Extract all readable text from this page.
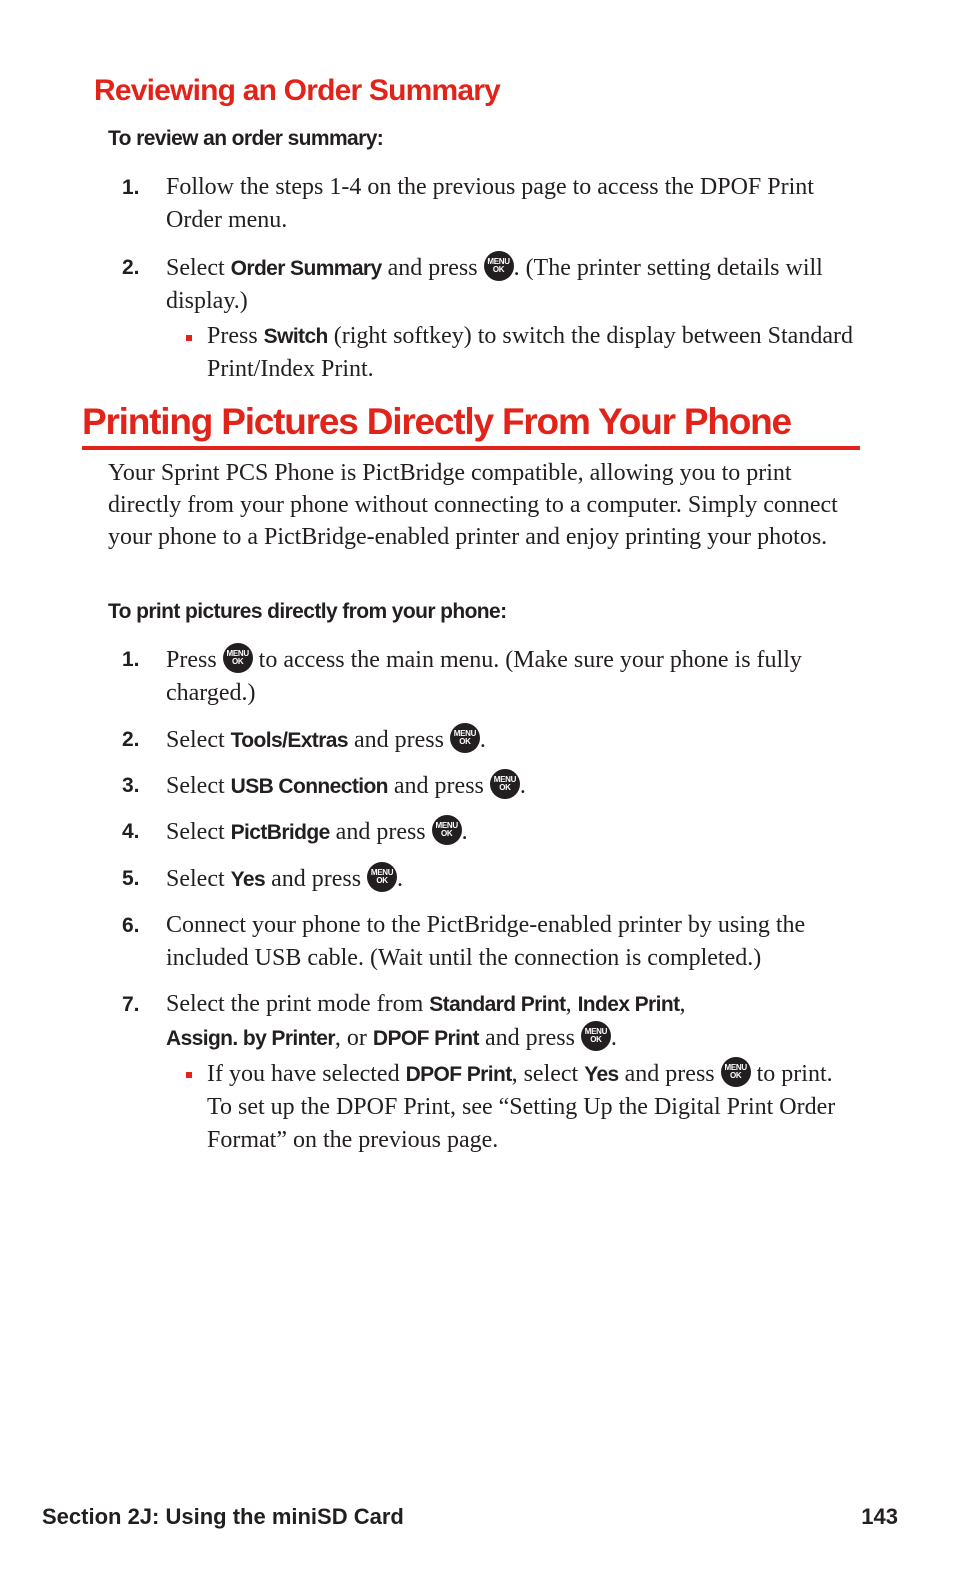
Reviewing an Order Summary

To review an order summary:

1. Follow the steps 1-4 on the previous page to access the DPOF Print Order menu.
2. Select Order Summary and press MENU
OK . (The printer setting details will display.)
Press Switch (right softkey) to switch the display between Standard Print/Index Print.
Printing Pictures Directly From Your Phone

Your Sprint PCS Phone is PictBridge compatible, allowing you to print directly from your phone without connecting to a computer. Simply connect your phone to a PictBridge-enabled printer and enjoy printing your photos.

To print pictures directly from your phone:

1. Press MENU
OK to access the main menu. (Make sure your phone is fully charged.)
2. Select Tools/Extras and press MENU
OK .
3. Select USB Connection and press MENU
OK .
4. Select PictBridge and press MENU
OK .
5. Select Yes and press MENU
OK .
6. Connect your phone to the PictBridge-enabled printer by using the included USB cable. (Wait until the connection is completed.)
7. Select the print mode from Standard Print, Index Print,
Assign. by Printer, or DPOF Print and press MENU
OK .
If you have selected DPOF Print, select Yes and press MENU
OK to print. To set up the DPOF Print, see “Setting Up the Digital Print Order Format” on the previous page.
Section 2J: Using the miniSD Card	143
